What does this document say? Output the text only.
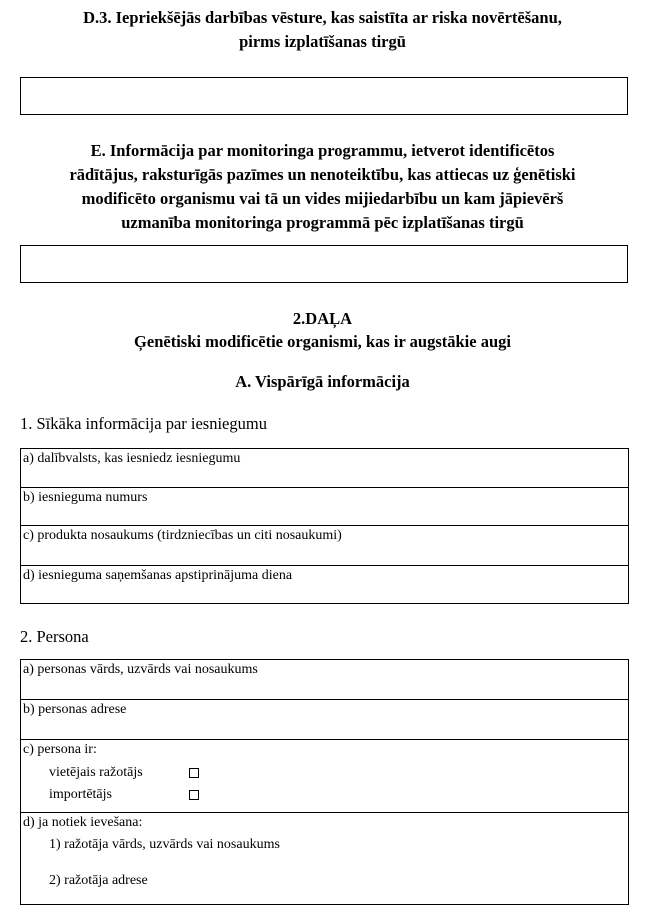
D.3. Iepriekšējās darbības vēsture, kas saistīta ar riska novērtēšanu,
pirms izplatīšanas tirgū
E. Informācija par monitoringa programmu, ietverot identificētos
rādītājus, raksturīgās pazīmes un nenoteiktību, kas attiecas uz ģenētiski
modificēto organismu vai tā un vides mijiedarbību un kam jāpievērš
uzmanība monitoringa programmā pēc izplatīšanas tirgū
2.DAĻA
Ģenētiski modificētie organismi, kas ir augstākie augi
A. Vispārīgā informācija
1. Sīkāka informācija par iesniegumu
a) dalībvalsts, kas iesniedz iesniegumu
b) iesnieguma numurs
c) produkta nosaukums (tirdzniecības un citi nosaukumi)
d) iesnieguma saņemšanas apstiprinājuma diena
2. Persona
a) personas vārds, uzvārds vai nosaukums
b) personas adrese

c) persona ir:
vietējais ražotājs
importētājs

d) ja notiek ievešana:
1) ražotāja vārds, uzvārds vai nosaukums
2) ražotāja adrese
